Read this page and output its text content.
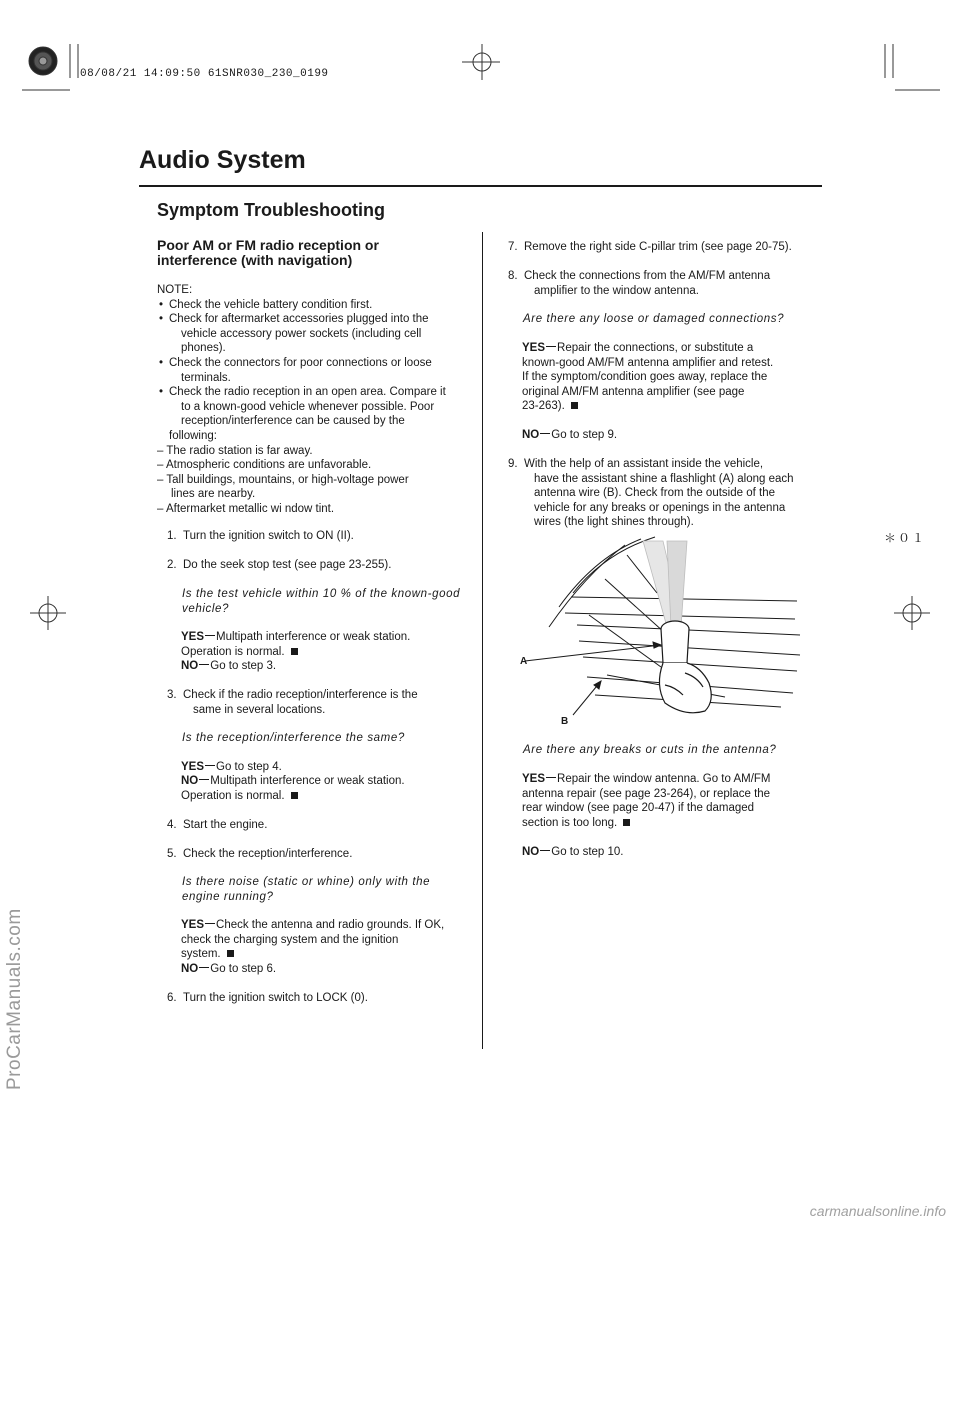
08/08/21 14:09:50 61SNR030_230_0199
Audio System
Symptom Troubleshooting
Poor AM or FM radio reception or
interference (with navigation)
NOTE:
• Check the vehicle battery condition first.
• Check for aftermarket accessories plugged into the
vehicle accessory power sockets (including cell
phones).
• Check the connectors for poor connections or loose
terminals.
• Check the radio reception in an open area. Compare it
to a known-good vehicle whenever possible. Poor
reception/interference can be caused by the
following:
– The radio station is far away.
– Atmospheric conditions are unfavorable.
– Tall buildings, mountains, or high-voltage power
lines are nearby.
– Aftermarket metallic wi ndow tint.
1. Turn the ignition switch to ON (II).
2. Do the seek stop test (see page 23-255).
Is the test vehicle within 10 % of the known-good
vehicle?
YES Multipath interference or weak station.
Operation is normal.
NO Go to step 3.
3. Check if the radio reception/interference is the
same in several locations.
Is the reception/interference the same?
YES Go to step 4.
NO Multipath interference or weak station.
Operation is normal.
4. Start the engine.
5. Check the reception/interference.
Is there noise (static or whine) only with the
engine running?
YES Check the antenna and radio grounds. If OK,
check the charging system and the ignition
system.
NO Go to step 6.
6. Turn the ignition switch to LOCK (0).
7. Remove the right side C-pillar trim (see page 20-75).
8. Check the connections from the AM/FM antenna
amplifier to the window antenna.
Are there any loose or damaged connections?
YES Repair the connections, or substitute a
known-good AM/FM antenna amplifier and retest.
If the symptom/condition goes away, replace the
original AM/FM antenna amplifier (see page
23-263).
NO Go to step 9.
9. With the help of an assistant inside the vehicle,
have the assistant shine a flashlight (A) along each
antenna wire (B). Check from the outside of the
vehicle for any breaks or openings in the antenna
wires (the light shines through).
A
B
Are there any breaks or cuts in the antenna?
YES Repair the window antenna. Go to AM/FM
antenna repair (see page 23-264), or replace the
rear window (see page 20-47) if the damaged
section is too long.
NO Go to step 10.
＊０１
ProCarManuals.com
carmanualsonline.info
